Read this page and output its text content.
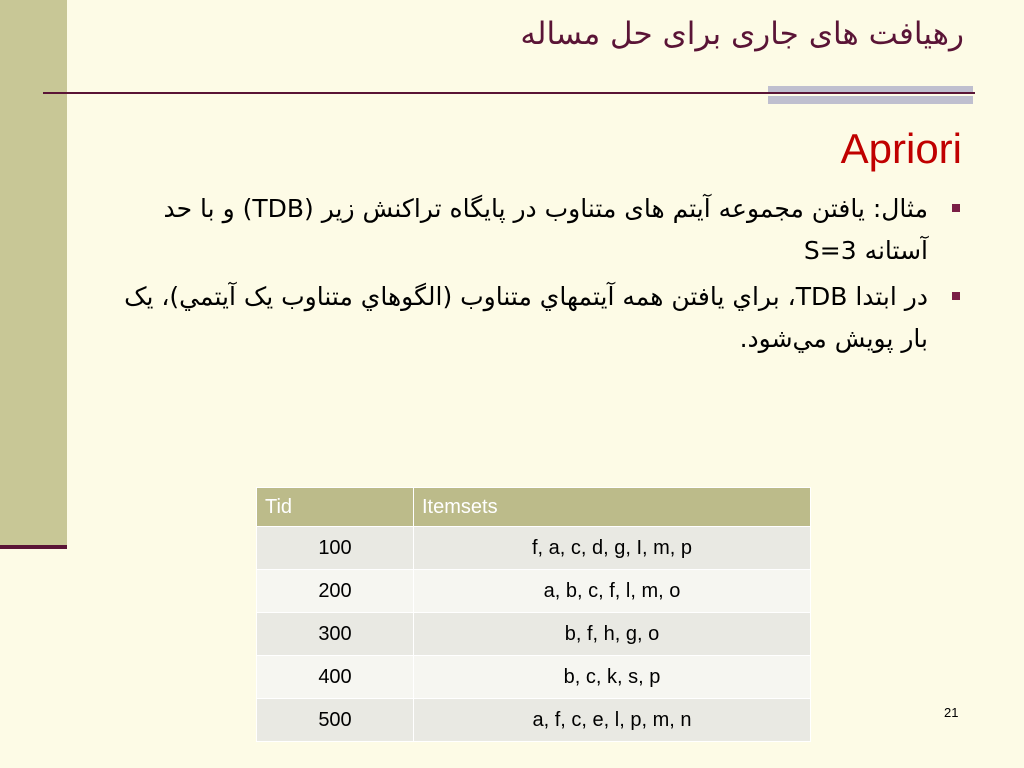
رهیافت های جاری برای حل مساله
Apriori
مثال: یافتن مجموعه آیتم های متناوب در پایگاه تراکنش زیر (TDB) و با حد آستانه S=3
در ابتدا TDB، براي يافتن همه آيتمهاي متناوب (الگوهاي متناوب يک آيتمي)، يک بار پويش مي‌شود.
Tid	Itemsets
100	f, a, c, d, g, I, m, p
200	a, b, c, f, l, m, o
300	b, f, h, g, o
400	b, c, k, s, p
500	a, f, c, e, l, p, m, n	21
